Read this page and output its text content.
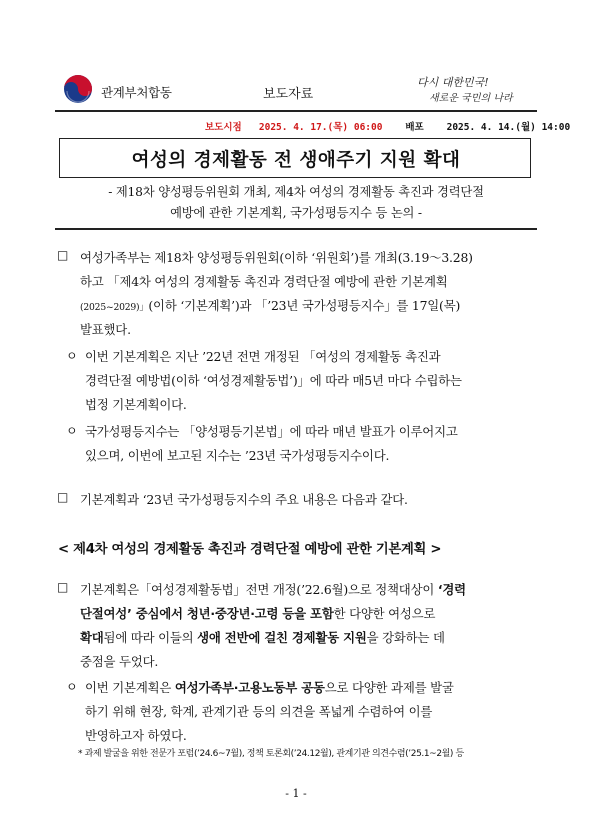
관계부처합동	보도자료
다시 대한민국!
새로운 국민의 나라
보도시점 2025. 4. 17.(목) 06:00 배포 2025. 4. 14.(월) 14:00
여성의 경제활동 전 생애주기 지원 확대
- 제18차 양성평등위원회 개최, 제4차 여성의 경제활동 촉진과 경력단절
예방에 관한 기본계획, 국가성평등지수 등 논의 -
□ 여성가족부는 제18차 양성평등위원회(이하 ‘위원회’)를 개최(3.19～3.28)
하고 「제4차 여성의 경제활동 촉진과 경력단절 예방에 관한 기본계획
(2025~2029)」(이하 ‘기본계획’)과 「’23년 국가성평등지수」를 17일(목)
발표했다.
ㅇ 이번 기본계획은 지난 ’22년 전면 개정된 「여성의 경제활동 촉진과
경력단절 예방법(이하 ‘여성경제활동법’)」에 따라 매5년 마다 수립하는
법정 기본계획이다.
ㅇ 국가성평등지수는 「양성평등기본법」에 따라 매년 발표가 이루어지고
있으며, 이번에 보고된 지수는 ’23년 국가성평등지수이다.
□ 기본계획과 ‘23년 국가성평등지수의 주요 내용은 다음과 같다.
< 제4차 여성의 경제활동 촉진과 경력단절 예방에 관한 기본계획 >
□ 기본계획은「여성경제활동법」전면 개정(’22.6월)으로 정책대상이 ‘경력
단절여성’ 중심에서 청년·중장년·고령 등을 포함한 다양한 여성으로
확대됨에 따라 이들의 생애 전반에 걸친 경제활동 지원을 강화하는 데
중점을 두었다.
ㅇ 이번 기본계획은 여성가족부·고용노동부 공동으로 다양한 과제를 발굴
하기 위해 현장, 학계, 관계기관 등의 의견을 폭넓게 수렴하여 이를
반영하고자 하였다.
* 과제 발굴을 위한 전문가 포럼(’24.6~7월), 정책 토론회(’24.12월), 관계기관 의견수렴(’25.1~2월) 등
- 1 -
